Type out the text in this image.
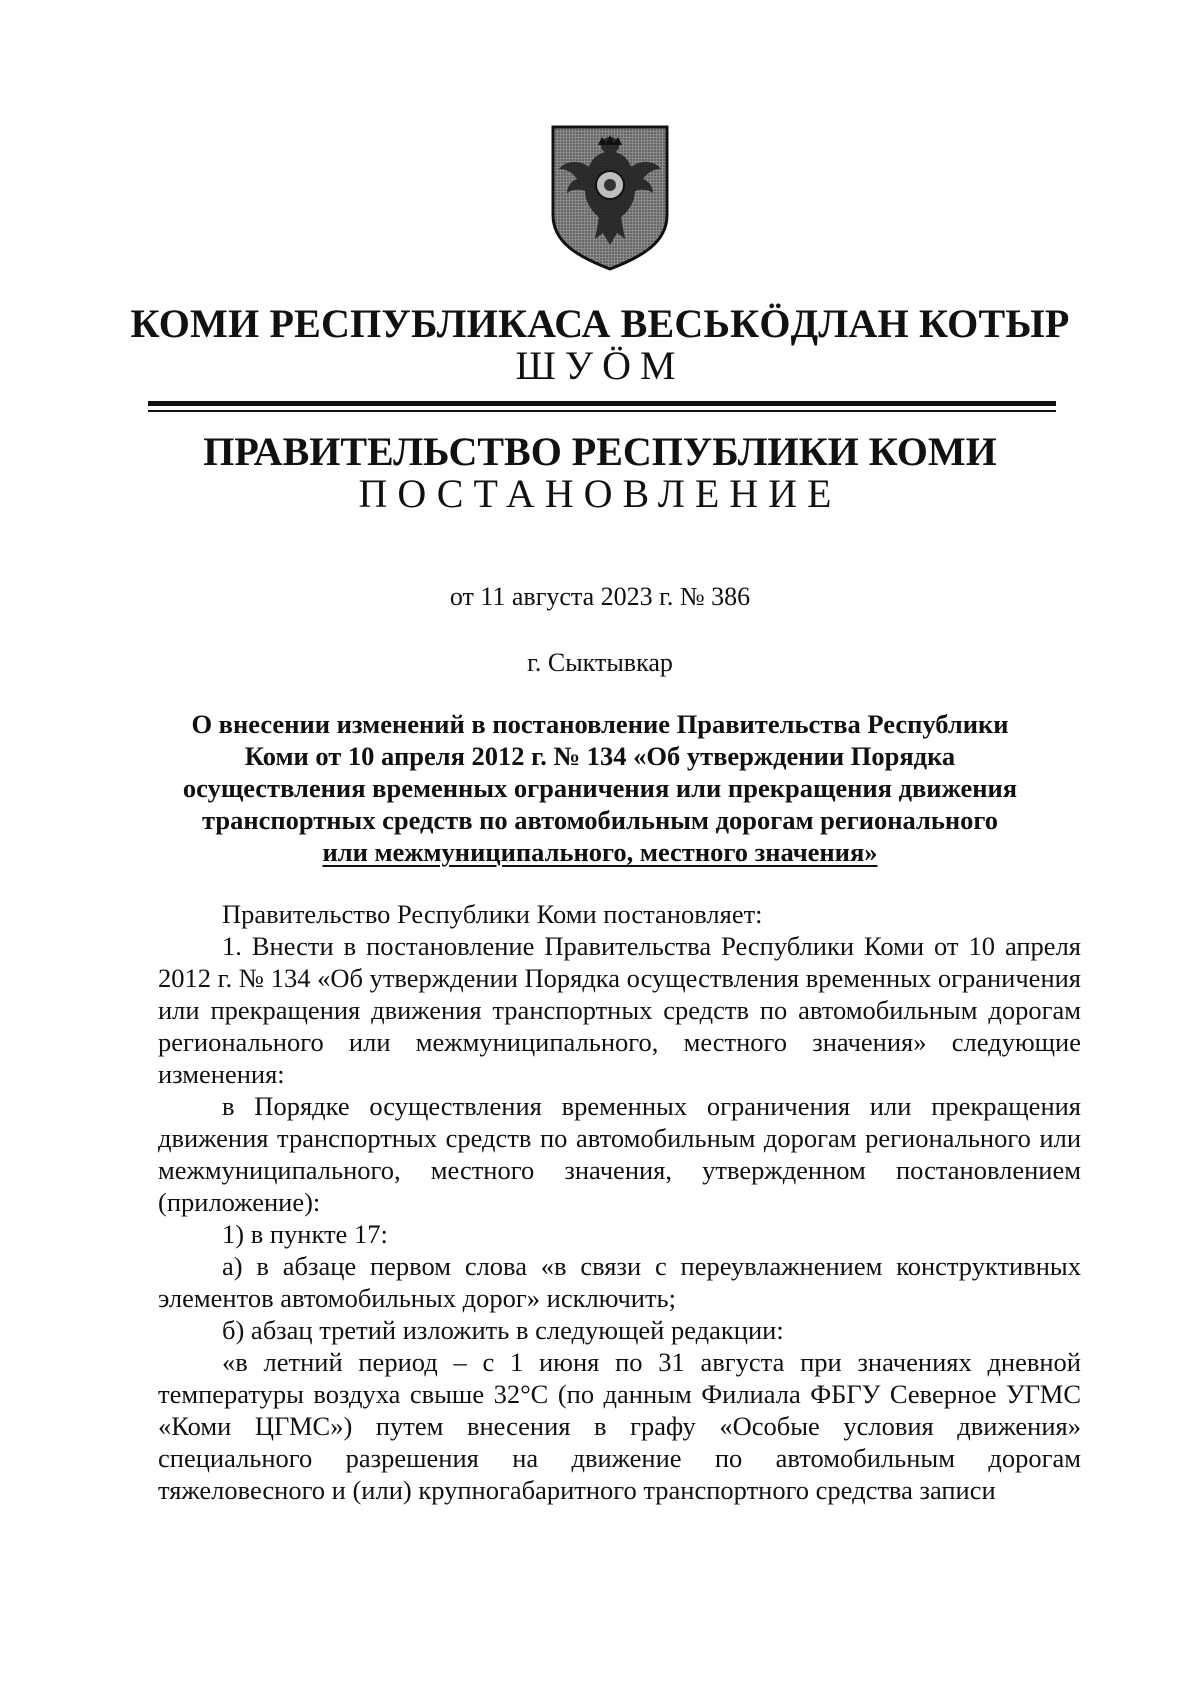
КОМИ РЕСПУБЛИКАСА ВЕСЬКӦДЛАН КОТЫР
ШУӦМ
ПРАВИТЕЛЬСТВО РЕСПУБЛИКИ КОМИ
ПОСТАНОВЛЕНИЕ
от 11 августа 2023 г. № 386
г. Сыктывкар
О внесении изменений в постановление Правительства Республики
Коми от 10 апреля 2012 г. № 134 «Об утверждении Порядка
осуществления временных ограничения или прекращения движения
транспортных средств по автомобильным дорогам регионального
или межмуниципального, местного значения»

Правительство Республики Коми постановляет:

1. Внести в постановление Правительства Республики Коми от 10 апреля 2012 г. № 134 «Об утверждении Порядка осуществления временных ограничения или прекращения движения транспортных средств по автомобильным дорогам регионального или межмуниципального, местного значения» следующие изменения:

в Порядке осуществления временных ограничения или прекращения движения транспортных средств по автомобильным дорогам регионального или межмуниципального, местного значения, утвержденном постановлением (приложение):

1) в пункте 17:

а) в абзаце первом слова «в связи с переувлажнением конструктивных элементов автомобильных дорог» исключить;

б) абзац третий изложить в следующей редакции:

«в летний период – с 1 июня по 31 августа при значениях дневной температуры воздуха свыше 32°C (по данным Филиала ФБГУ Северное УГМС «Коми ЦГМС») путем внесения в графу «Особые условия движения» специального разрешения на движение по автомобильным дорогам тяжеловесного и (или) крупногабаритного транспортного средства записи
